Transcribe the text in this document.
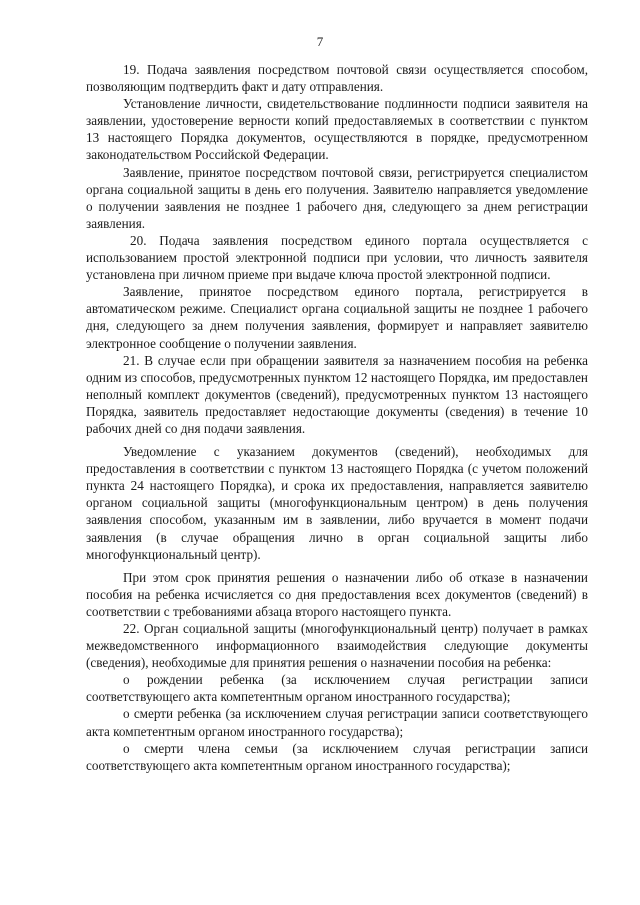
7

19. Подача заявления посредством почтовой связи осуществляется способом, позволяющим подтвердить факт и дату отправления.

Установление личности, свидетельствование подлинности подписи заявителя на заявлении, удостоверение верности копий предоставляемых в соответствии с пунктом 13 настоящего Порядка документов, осуществляются в порядке, предусмотренном законодательством Российской Федерации.

Заявление, принятое посредством почтовой связи, регистрируется специалистом органа социальной защиты в день его получения. Заявителю направляется уведомление о получении заявления не позднее 1 рабочего дня, следующего за днем регистрации заявления.

20. Подача заявления посредством единого портала осуществляется с использованием простой электронной подписи при условии, что личность заявителя установлена при личном приеме при выдаче ключа простой электронной подписи.

Заявление, принятое посредством единого портала, регистрируется в автоматическом режиме. Специалист органа социальной защиты не позднее 1 рабочего дня, следующего за днем получения заявления, формирует и направляет заявителю электронное сообщение о получении заявления.

21. В случае если при обращении заявителя за назначением пособия на ребенка одним из способов, предусмотренных пунктом 12 настоящего Порядка, им предоставлен неполный комплект документов (сведений), предусмотренных пунктом 13 настоящего Порядка, заявитель предоставляет недостающие документы (сведения) в течение 10 рабочих дней со дня подачи заявления.

Уведомление с указанием документов (сведений), необходимых для предоставления в соответствии с пунктом 13 настоящего Порядка (с учетом положений пункта 24 настоящего Порядка), и срока их предоставления, направляется заявителю органом социальной защиты (многофункциональным центром) в день получения заявления способом, указанным им в заявлении, либо вручается в момент подачи заявления (в случае обращения лично в орган социальной защиты либо многофункциональный центр).

При этом срок принятия решения о назначении либо об отказе в назначении пособия на ребенка исчисляется со дня предоставления всех документов (сведений) в соответствии с требованиями абзаца второго настоящего пункта.

22. Орган социальной защиты (многофункциональный центр) получает в рамках межведомственного информационного взаимодействия следующие документы (сведения), необходимые для принятия решения о назначении пособия на ребенка:

о рождении ребенка (за исключением случая регистрации записи соответствующего акта компетентным органом иностранного государства);

о смерти ребенка (за исключением случая регистрации записи соответствующего акта компетентным органом иностранного государства);

о смерти члена семьи (за исключением случая регистрации записи соответствующего акта компетентным органом иностранного государства);
